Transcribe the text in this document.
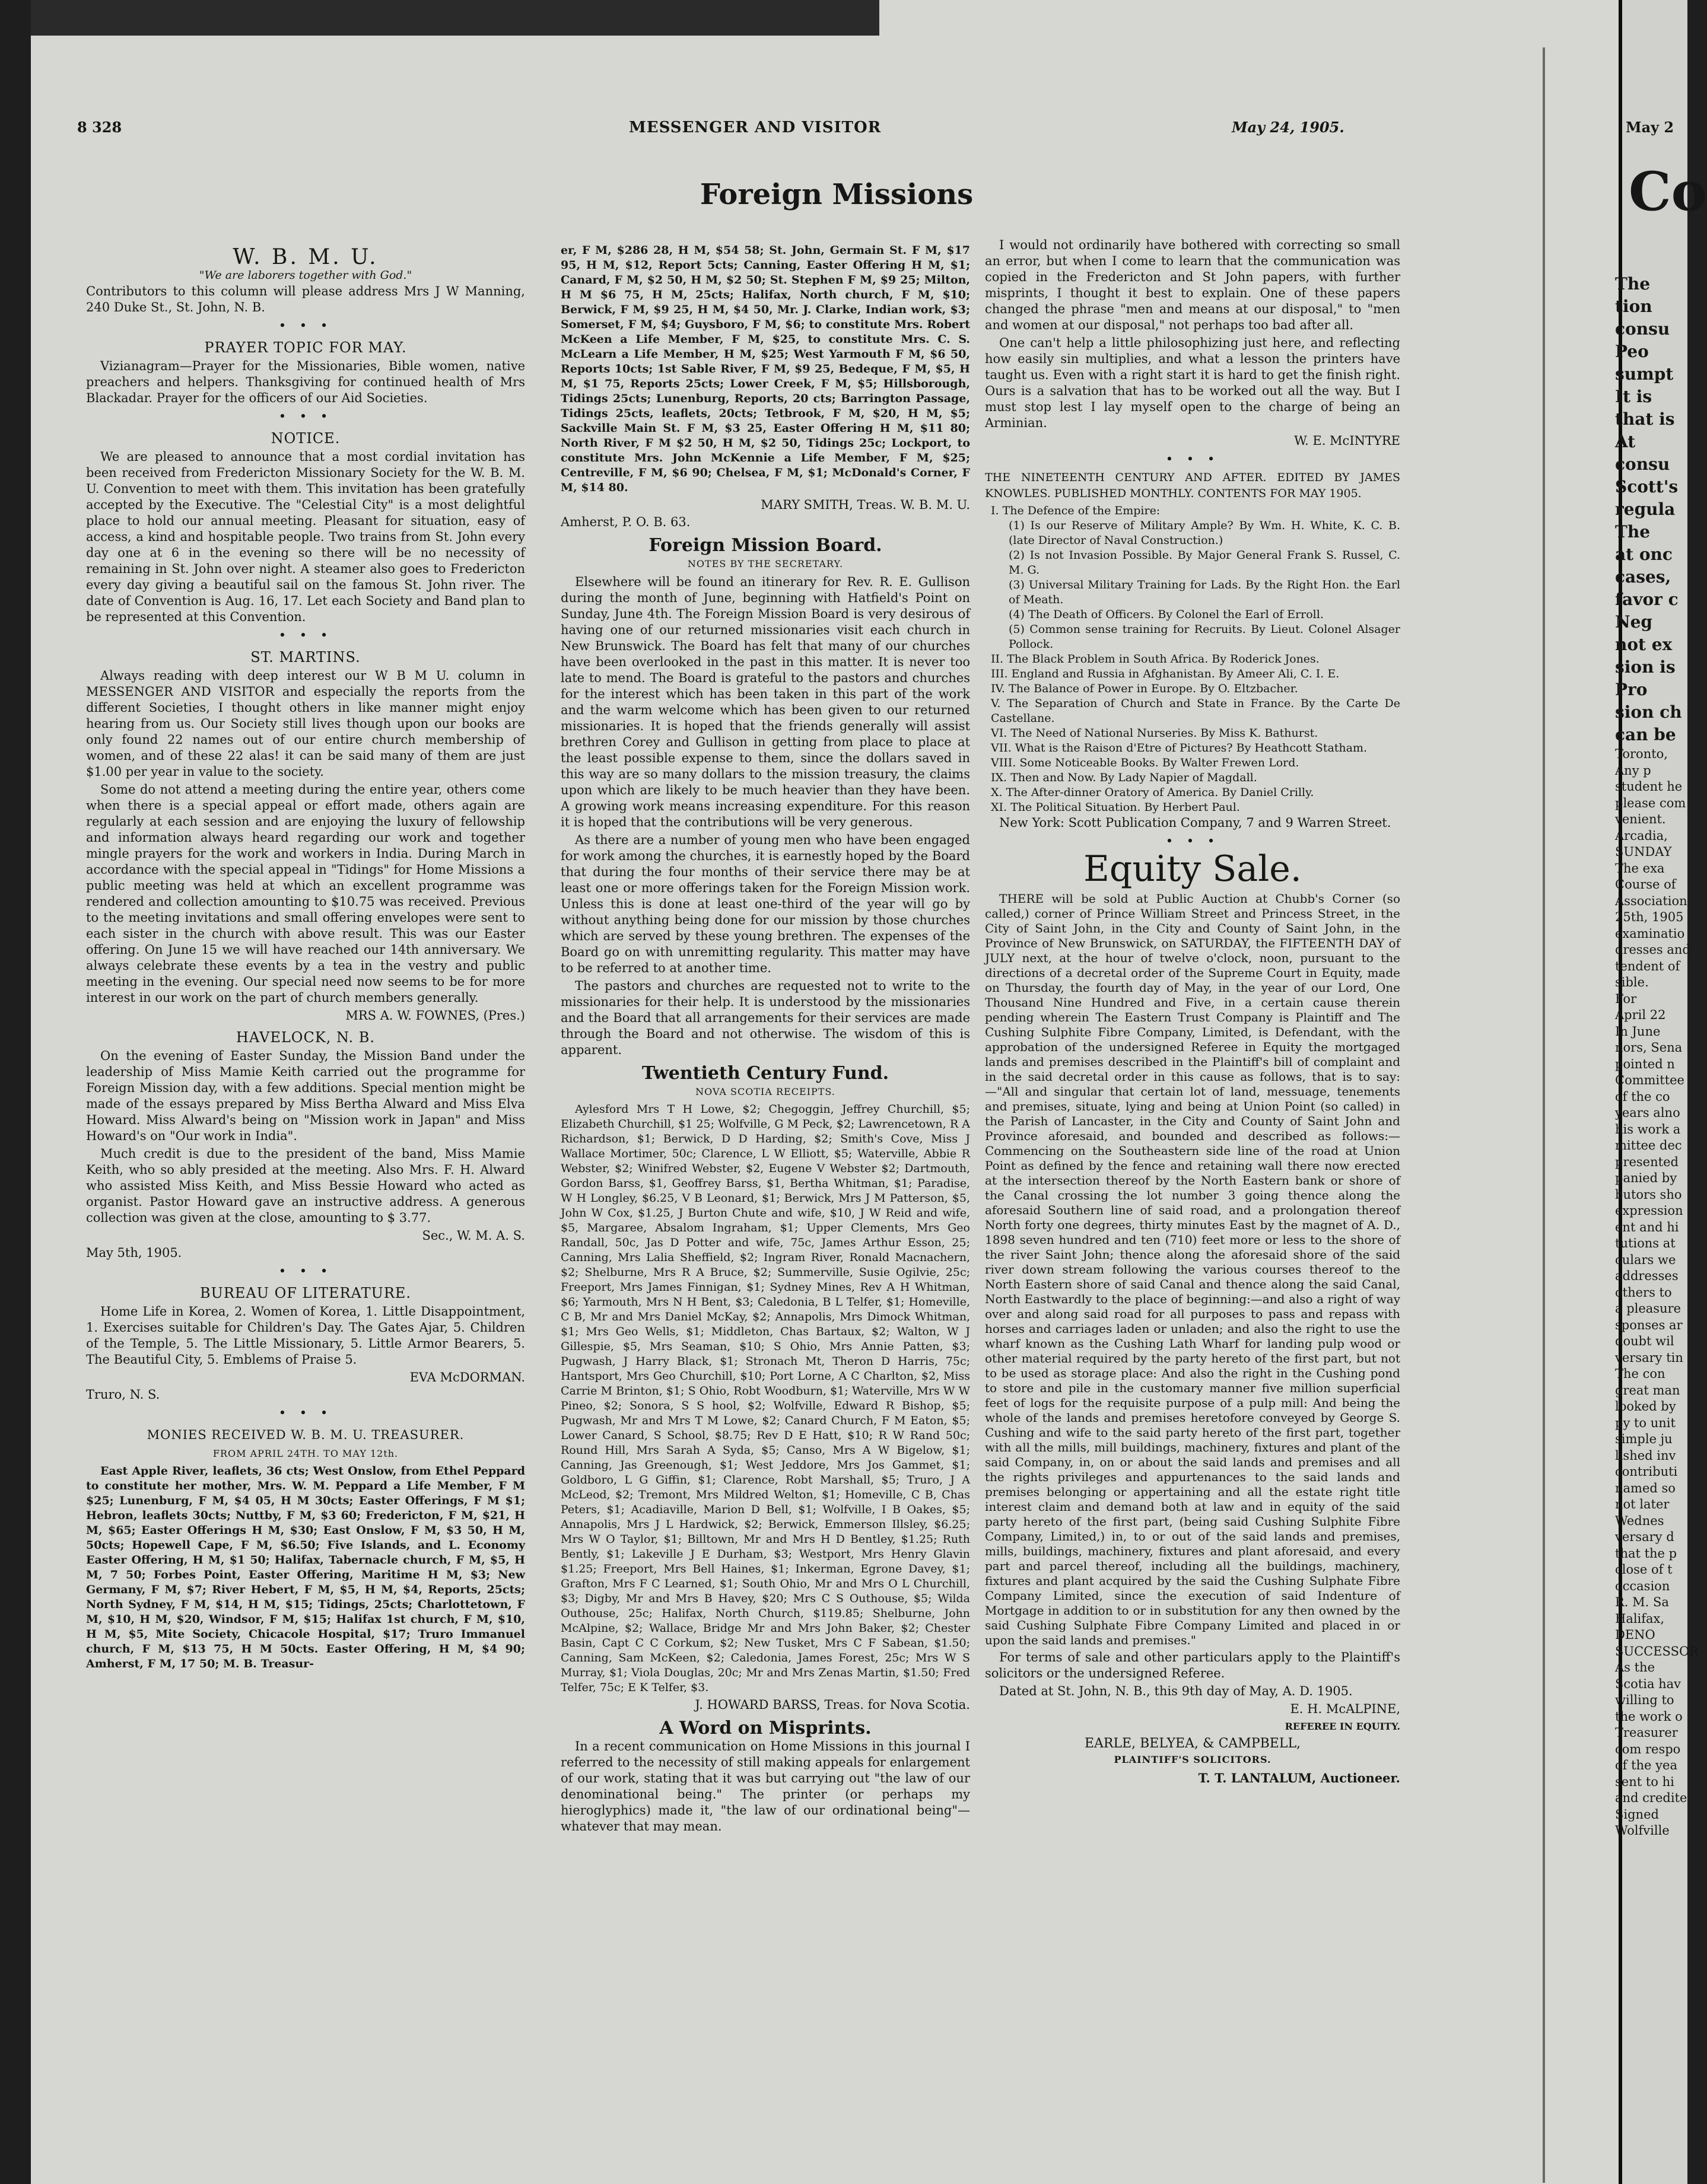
8 328	MESSENGER AND VISITOR	May 24, 1905.
Foreign Missions
W. B. M. U.
"We are laborers together with God."

Contributors to this column will please address Mrs J W Manning, 240 Duke St., St. John, N. B.

• • •
PRAYER TOPIC FOR MAY.

Vizianagram—Prayer for the Missionaries, Bible women, native preachers and helpers. Thanksgiving for continued health of Mrs Blackadar. Prayer for the officers of our Aid Societies.

• • •
NOTICE.

We are pleased to announce that a most cordial invitation has been received from Fredericton Missionary Society for the W. B. M. U. Convention to meet with them. This invitation has been gratefully accepted by the Executive. The "Celestial City" is a most delightful place to hold our annual meeting. Pleasant for situation, easy of access, a kind and hospitable people. Two trains from St. John every day one at 6 in the evening so there will be no necessity of remaining in St. John over night. A steamer also goes to Fredericton every day giving a beautiful sail on the famous St. John river. The date of Convention is Aug. 16, 17. Let each Society and Band plan to be represented at this Convention.

• • •
ST. MARTINS.

Always reading with deep interest our W B M U. column in MESSENGER AND VISITOR and especially the reports from the different Societies, I thought others in like manner might enjoy hearing from us. Our Society still lives though upon our books are only found 22 names out of our entire church membership of women, and of these 22 alas! it can be said many of them are just $1.00 per year in value to the society.

Some do not attend a meeting during the entire year, others come when there is a special appeal or effort made, others again are regularly at each session and are enjoying the luxury of fellowship and information always heard regarding our work and together mingle prayers for the work and workers in India. During March in accordance with the special appeal in "Tidings" for Home Missions a public meeting was held at which an excellent programme was rendered and collection amounting to $10.75 was received. Previous to the meeting invitations and small offering envelopes were sent to each sister in the church with above result. This was our Easter offering. On June 15 we will have reached our 14th anniversary. We always celebrate these events by a tea in the vestry and public meeting in the evening. Our special need now seems to be for more interest in our work on the part of church members generally.

MRS A. W. FOWNES, (Pres.)
HAVELOCK, N. B.

On the evening of Easter Sunday, the Mission Band under the leadership of Miss Mamie Keith carried out the programme for Foreign Mission day, with a few additions. Special mention might be made of the essays prepared by Miss Bertha Alward and Miss Elva Howard. Miss Alward's being on "Mission work in Japan" and Miss Howard's on "Our work in India".

Much credit is due to the president of the band, Miss Mamie Keith, who so ably presided at the meeting. Also Mrs. F. H. Alward who assisted Miss Keith, and Miss Bessie Howard who acted as organist. Pastor Howard gave an instructive address. A generous collection was given at the close, amounting to $ 3.77.

Sec., W. M. A. S.

May 5th, 1905.

• • •
BUREAU OF LITERATURE.

Home Life in Korea, 2. Women of Korea, 1. Little Disappointment, 1. Exercises suitable for Children's Day. The Gates Ajar, 5. Children of the Temple, 5. The Little Missionary, 5. Little Armor Bearers, 5. The Beautiful City, 5. Emblems of Praise 5.

EVA McDORMAN.

Truro, N. S.

• • •
MONIES RECEIVED W. B. M. U. TREASURER.
FROM APRIL 24TH. TO MAY 12th.

East Apple River, leaflets, 36 cts; West Onslow, from Ethel Peppard to constitute her mother, Mrs. W. M. Peppard a Life Member, F M $25; Lunenburg, F M, $4 05, H M 30cts; Easter Offerings, F M $1; Hebron, leaflets 30cts; Nuttby, F M, $3 60; Fredericton, F M, $21, H M, $65; Easter Offerings H M, $30; East Onslow, F M, $3 50, H M, 50cts; Hopewell Cape, F M, $6.50; Five Islands, and L. Economy Easter Offering, H M, $1 50; Halifax, Tabernacle church, F M, $5, H M, 7 50; Forbes Point, Easter Offering, Maritime H M, $3; New Germany, F M, $7; River Hebert, F M, $5, H M, $4, Reports, 25cts; North Sydney, F M, $14, H M, $15; Tidings, 25cts; Charlottetown, F M, $10, H M, $20, Windsor, F M, $15; Halifax 1st church, F M, $10, H M, $5, Mite Society, Chicacole Hospital, $17; Truro Immanuel church, F M, $13 75, H M 50cts. Easter Offering, H M, $4 90; Amherst, F M, 17 50; M. B. Treasur-

er, F M, $286 28, H M, $54 58; St. John, Germain St. F M, $17 95, H M, $12, Report 5cts; Canning, Easter Offering H M, $1; Canard, F M, $2 50, H M, $2 50; St. Stephen F M, $9 25; Milton, H M $6 75, H M, 25cts; Halifax, North church, F M, $10; Berwick, F M, $9 25, H M, $4 50, Mr. J. Clarke, Indian work, $3; Somerset, F M, $4; Guysboro, F M, $6; to constitute Mrs. Robert McKeen a Life Member, F M, $25, to constitute Mrs. C. S. McLearn a Life Member, H M, $25; West Yarmouth F M, $6 50, Reports 10cts; 1st Sable River, F M, $9 25, Bedeque, F M, $5, H M, $1 75, Reports 25cts; Lower Creek, F M, $5; Hillsborough, Tidings 25cts; Lunenburg, Reports, 20 cts; Barrington Passage, Tidings 25cts, leaflets, 20cts; Tetbrook, F M, $20, H M, $5; Sackville Main St. F M, $3 25, Easter Offering H M, $11 80; North River, F M $2 50, H M, $2 50, Tidings 25c; Lockport, to constitute Mrs. John McKennie a Life Member, F M, $25; Centreville, F M, $6 90; Chelsea, F M, $1; McDonald's Corner, F M, $14 80.

MARY SMITH, Treas. W. B. M. U.

Amherst, P. O. B. 63.

Foreign Mission Board.
NOTES BY THE SECRETARY.

Elsewhere will be found an itinerary for Rev. R. E. Gullison during the month of June, beginning with Hatfield's Point on Sunday, June 4th. The Foreign Mission Board is very desirous of having one of our returned missionaries visit each church in New Brunswick. The Board has felt that many of our churches have been overlooked in the past in this matter. It is never too late to mend. The Board is grateful to the pastors and churches for the interest which has been taken in this part of the work and the warm welcome which has been given to our returned missionaries. It is hoped that the friends generally will assist brethren Corey and Gullison in getting from place to place at the least possible expense to them, since the dollars saved in this way are so many dollars to the mission treasury, the claims upon which are likely to be much heavier than they have been. A growing work means increasing expenditure. For this reason it is hoped that the contributions will be very generous.

As there are a number of young men who have been engaged for work among the churches, it is earnestly hoped by the Board that during the four months of their service there may be at least one or more offerings taken for the Foreign Mission work. Unless this is done at least one-third of the year will go by without anything being done for our mission by those churches which are served by these young brethren. The expenses of the Board go on with unremitting regularity. This matter may have to be referred to at another time.

The pastors and churches are requested not to write to the missionaries for their help. It is understood by the missionaries and the Board that all arrangements for their services are made through the Board and not otherwise. The wisdom of this is apparent.

Twentieth Century Fund.
NOVA SCOTIA RECEIPTS.

Aylesford Mrs T H Lowe, $2; Chegoggin, Jeffrey Churchill, $5; Elizabeth Churchill, $1 25; Wolfville, G M Peck, $2; Lawrencetown, R A Richardson, $1; Berwick, D D Harding, $2; Smith's Cove, Miss J Wallace Mortimer, 50c; Clarence, L W Elliott, $5; Waterville, Abbie R Webster, $2; Winifred Webster, $2, Eugene V Webster $2; Dartmouth, Gordon Barss, $1, Geoffrey Barss, $1, Bertha Whitman, $1; Paradise, W H Longley, $6.25, V B Leonard, $1; Berwick, Mrs J M Patterson, $5, John W Cox, $1.25, J Burton Chute and wife, $10, J W Reid and wife, $5, Margaree, Absalom Ingraham, $1; Upper Clements, Mrs Geo Randall, 50c, Jas D Potter and wife, 75c, James Arthur Esson, 25; Canning, Mrs Lalia Sheffield, $2; Ingram River, Ronald Macnachern, $2; Shelburne, Mrs R A Bruce, $2; Summerville, Susie Ogilvie, 25c; Freeport, Mrs James Finnigan, $1; Sydney Mines, Rev A H Whitman, $6; Yarmouth, Mrs N H Bent, $3; Caledonia, B L Telfer, $1; Homeville, C B, Mr and Mrs Daniel McKay, $2; Annapolis, Mrs Dimock Whitman, $1; Mrs Geo Wells, $1; Middleton, Chas Bartaux, $2; Walton, W J Gillespie, $5, Mrs Seaman, $10; S Ohio, Mrs Annie Patten, $3; Pugwash, J Harry Black, $1; Stronach Mt, Theron D Harris, 75c; Hantsport, Mrs Geo Churchill, $10; Port Lorne, A C Charlton, $2, Miss Carrie M Brinton, $1; S Ohio, Robt Woodburn, $1; Waterville, Mrs W W Pineo, $2; Sonora, S S hool, $2; Wolfville, Edward R Bishop, $5; Pugwash, Mr and Mrs T M Lowe, $2; Canard Church, F M Eaton, $5; Lower Canard, S School, $8.75; Rev D E Hatt, $10; R W Rand 50c; Round Hill, Mrs Sarah A Syda, $5; Canso, Mrs A W Bigelow, $1; Canning, Jas Greenough, $1; West Jeddore, Mrs Jos Gammet, $1; Goldboro, L G Giffin, $1; Clarence, Robt Marshall, $5; Truro, J A McLeod, $2; Tremont, Mrs Mildred Welton, $1; Homeville, C B, Chas Peters, $1; Acadiaville, Marion D Bell, $1; Wolfville, I B Oakes, $5; Annapolis, Mrs J L Hardwick, $2; Berwick, Emmerson Illsley, $6.25; Mrs W O Taylor, $1; Billtown, Mr and Mrs H D Bentley, $1.25; Ruth Bently, $1; Lakeville J E Durham, $3; Westport, Mrs Henry Glavin $1.25; Freeport, Mrs Bell Haines, $1; Inkerman, Egrone Davey, $1; Grafton, Mrs F C Learned, $1; South Ohio, Mr and Mrs O L Churchill, $3; Digby, Mr and Mrs B Havey, $20; Mrs C S Outhouse, $5; Wilda Outhouse, 25c; Halifax, North Church, $119.85; Shelburne, John McAlpine, $2; Wallace, Bridge Mr and Mrs John Baker, $2; Chester Basin, Capt C C Corkum, $2; New Tusket, Mrs C F Sabean, $1.50; Canning, Sam McKeen, $2; Caledonia, James Forest, 25c; Mrs W S Murray, $1; Viola Douglas, 20c; Mr and Mrs Zenas Martin, $1.50; Fred Telfer, 75c; E K Telfer, $3.

J. HOWARD BARSS, Treas. for Nova Scotia.
A Word on Misprints.

In a recent communication on Home Missions in this journal I referred to the necessity of still making appeals for enlargement of our work, stating that it was but carrying out "the law of our denominational being." The printer (or perhaps my hieroglyphics) made it, "the law of our ordinational being"—whatever that may mean.

I would not ordinarily have bothered with correcting so small an error, but when I come to learn that the communication was copied in the Fredericton and St John papers, with further misprints, I thought it best to explain. One of these papers changed the phrase "men and means at our disposal," to "men and women at our disposal," not perhaps too bad after all.

One can't help a little philosophizing just here, and reflecting how easily sin multiplies, and what a lesson the printers have taught us. Even with a right start it is hard to get the finish right. Ours is a salvation that has to be worked out all the way. But I must stop lest I lay myself open to the charge of being an Arminian.

W. E. McINTYRE
• • •

THE NINETEENTH CENTURY AND AFTER. EDITED BY JAMES KNOWLES. PUBLISHED MONTHLY. CONTENTS FOR MAY 1905.

I. The Defence of the Empire:
(1) Is our Reserve of Military Ample? By Wm. H. White, K. C. B. (late Director of Naval Construction.)
(2) Is not Invasion Possible. By Major General Frank S. Russel, C. M. G.
(3) Universal Military Training for Lads. By the Right Hon. the Earl of Meath.
(4) The Death of Officers. By Colonel the Earl of Erroll.
(5) Common sense training for Recruits. By Lieut. Colonel Alsager Pollock.
II. The Black Problem in South Africa. By Roderick Jones.
III. England and Russia in Afghanistan. By Ameer Ali, C. I. E.
IV. The Balance of Power in Europe. By O. Eltzbacher.
V. The Separation of Church and State in France. By the Carte De Castellane.
VI. The Need of National Nurseries. By Miss K. Bathurst.
VII. What is the Raison d'Etre of Pictures? By Heathcott Statham.
VIII. Some Noticeable Books. By Walter Frewen Lord.
IX. Then and Now. By Lady Napier of Magdall.
X. The After-dinner Oratory of America. By Daniel Crilly.
XI. The Political Situation. By Herbert Paul.

New York: Scott Publication Company, 7 and 9 Warren Street.

• • •
Equity Sale.

THERE will be sold at Public Auction at Chubb's Corner (so called,) corner of Prince William Street and Princess Street, in the City of Saint John, in the City and County of Saint John, in the Province of New Brunswick, on SATURDAY, the FIFTEENTH DAY of JULY next, at the hour of twelve o'clock, noon, pursuant to the directions of a decretal order of the Supreme Court in Equity, made on Thursday, the fourth day of May, in the year of our Lord, One Thousand Nine Hundred and Five, in a certain cause therein pending wherein The Eastern Trust Company is Plaintiff and The Cushing Sulphite Fibre Company, Limited, is Defendant, with the approbation of the undersigned Referee in Equity the mortgaged lands and premises described in the Plaintiff's bill of complaint and in the said decretal order in this cause as follows, that is to say:—"All and singular that certain lot of land, messuage, tenements and premises, situate, lying and being at Union Point (so called) in the Parish of Lancaster, in the City and County of Saint John and Province aforesaid, and bounded and described as follows:—Commencing on the Southeastern side line of the road at Union Point as defined by the fence and retaining wall there now erected at the intersection thereof by the North Eastern bank or shore of the Canal crossing the lot number 3 going thence along the aforesaid Southern line of said road, and a prolongation thereof North forty one degrees, thirty minutes East by the magnet of A. D., 1898 seven hundred and ten (710) feet more or less to the shore of the river Saint John; thence along the aforesaid shore of the said river down stream following the various courses thereof to the North Eastern shore of said Canal and thence along the said Canal, North Eastwardly to the place of beginning:—and also a right of way over and along said road for all purposes to pass and repass with horses and carriages laden or unladen; and also the right to use the wharf known as the Cushing Lath Wharf for landing pulp wood or other material required by the party hereto of the first part, but not to be used as storage place: And also the right in the Cushing pond to store and pile in the customary manner five million superficial feet of logs for the requisite purpose of a pulp mill: And being the whole of the lands and premises heretofore conveyed by George S. Cushing and wife to the said party hereto of the first part, together with all the mills, mill buildings, machinery, fixtures and plant of the said Company, in, on or about the said lands and premises and all the rights privileges and appurtenances to the said lands and premises belonging or appertaining and all the estate right title interest claim and demand both at law and in equity of the said party hereto of the first part, (being said Cushing Sulphite Fibre Company, Limited,) in, to or out of the said lands and premises, mills, buildings, machinery, fixtures and plant aforesaid, and every part and parcel thereof, including all the buildings, machinery, fixtures and plant acquired by the said the Cushing Sulphate Fibre Company Limited, since the execution of said Indenture of Mortgage in addition to or in substitution for any then owned by the said Cushing Sulphate Fibre Company Limited and placed in or upon the said lands and premises."

For terms of sale and other particulars apply to the Plaintiff's solicitors or the undersigned Referee.

Dated at St. John, N. B., this 9th day of May, A. D. 1905.

E. H. McALPINE,
REFEREE IN EQUITY.
EARLE, BELYEA, & CAMPBELL,
PLAINTIFF'S SOLICITORS.
T. T. LANTALUM, Auctioneer.
May 2
Co
The
tion
consu
Peo
sumpt
It is
that is
At
consu
Scott's
regula
The
at onc
cases,
favor c
Neg
not ex
sion is
Pro
sion ch
can be
Toronto,
Any p
student he
please com
venient.
Arcadia,
SUNDAY
The exa
Course of
Association
25th, 1905
examinatio
dresses and
tendent of
sible.
For
April 22
In June
nors, Sena
pointed n
Committee
of the co
years alno
his work a
mittee dec
presented
panied by
butors sho
expression
ent and hi
tutions at
culars we
addresses
others to
a pleasure
sponses ar
doubt wil
versary tin
The con
great man
looked by
py to unit
simple ju
lished inv
contributi
named so
not later
Wednes
versary d
that the p
close of t
occasion
R. M. Sa
Halifax,
DENO
SUCCESSOR
As the
Scotia hav
willing to
the work o
Treasurer
com respo
of the yea
sent to hi
and credite
Signed
Wolfville
